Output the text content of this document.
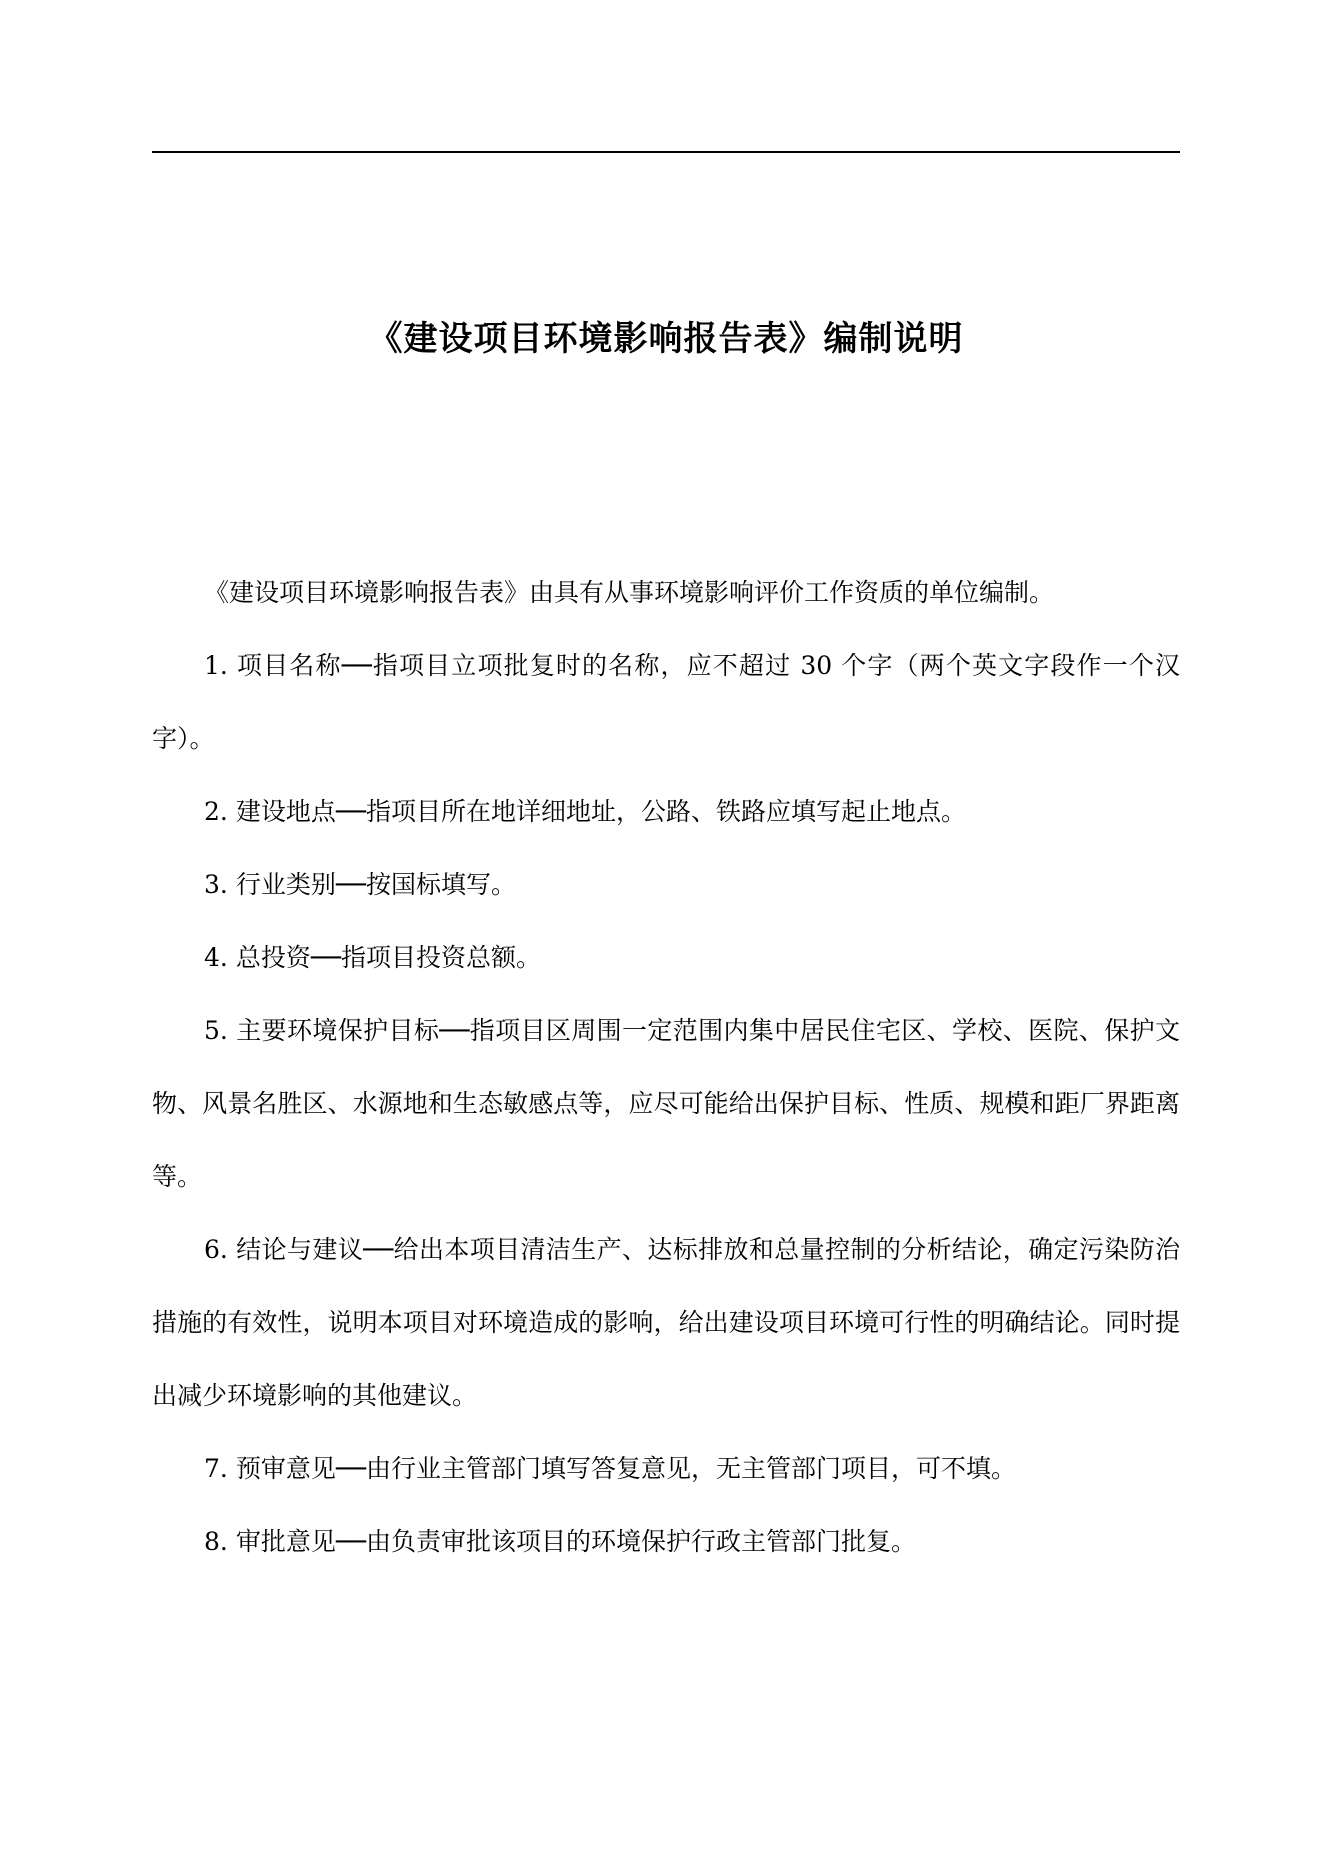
《建设项目环境影响报告表》编制说明

《建设项目环境影响报告表》由具有从事环境影响评价工作资质的单位编制。

1. 项目名称──指项目立项批复时的名称，应不超过 30 个字（两个英文字段作一个汉字）。

2. 建设地点──指项目所在地详细地址，公路、铁路应填写起止地点。

3. 行业类别──按国标填写。

4. 总投资──指项目投资总额。

5. 主要环境保护目标──指项目区周围一定范围内集中居民住宅区、学校、医院、保护文物、风景名胜区、水源地和生态敏感点等，应尽可能给出保护目标、性质、规模和距厂界距离等。

6. 结论与建议──给出本项目清洁生产、达标排放和总量控制的分析结论，确定污染防治措施的有效性，说明本项目对环境造成的影响，给出建设项目环境可行性的明确结论。同时提出减少环境影响的其他建议。

7. 预审意见──由行业主管部门填写答复意见，无主管部门项目，可不填。

8. 审批意见──由负责审批该项目的环境保护行政主管部门批复。
